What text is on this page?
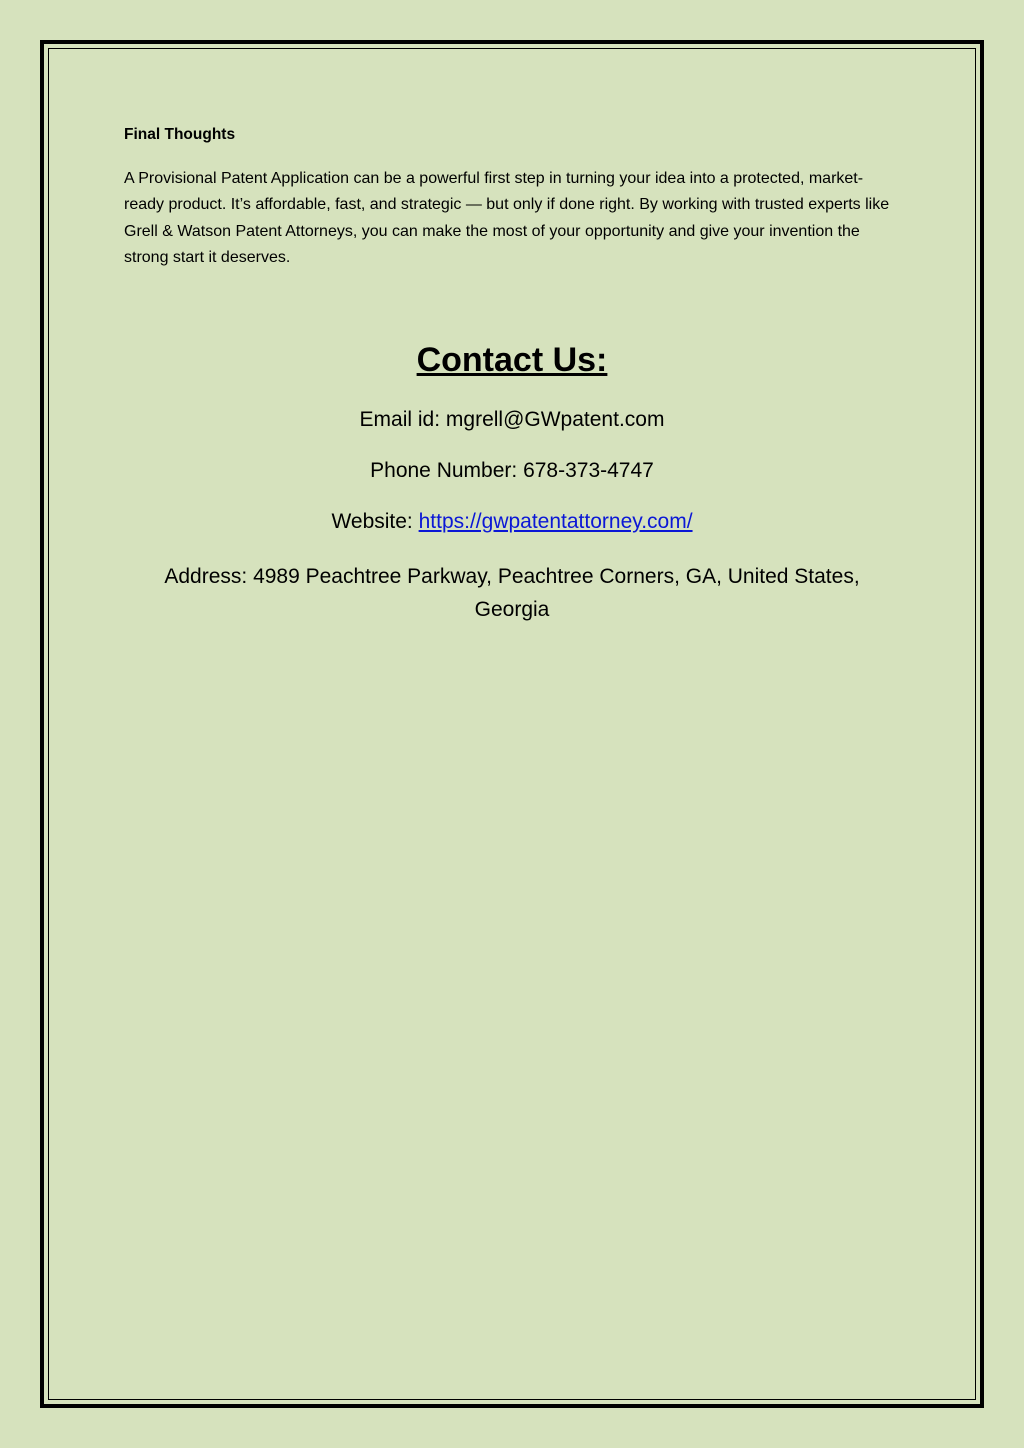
Final Thoughts

A Provisional Patent Application can be a powerful first step in turning your idea into a protected, market-ready product. It’s affordable, fast, and strategic — but only if done right. By working with trusted experts like Grell & Watson Patent Attorneys, you can make the most of your opportunity and give your invention the strong start it deserves.

Contact Us:

Email id: mgrell@GWpatent.com

Phone Number: 678-373-4747

Website: https://gwpatentattorney.com/

Address: 4989 Peachtree Parkway, Peachtree Corners, GA, United States, Georgia
